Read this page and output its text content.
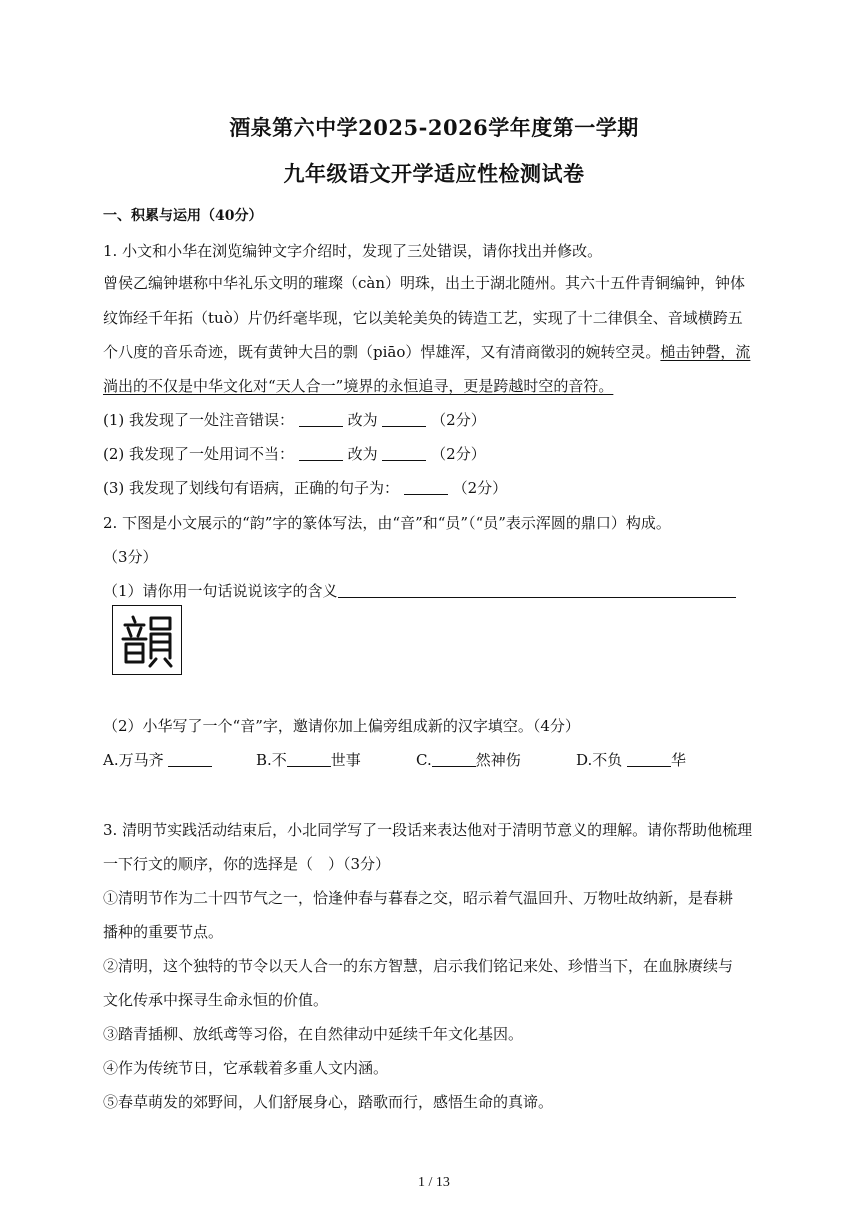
酒泉第六中学2025-2026学年度第一学期
九年级语文开学适应性检测试卷
一、积累与运用（40分）
1. 小文和小华在浏览编钟文字介绍时，发现了三处错误，请你找出并修改。
曾侯乙编钟堪称中华礼乐文明的璀璨（càn）明珠，出土于湖北随州。其六十五件青铜编钟，钟体
纹饰经千年拓（tuò）片仍纤毫毕现，它以美轮美奂的铸造工艺，实现了十二律俱全、音域横跨五
个八度的音乐奇迹，既有黄钟大吕的剽（piāo）悍雄浑，又有清商徵羽的婉转空灵。槌击钟磬，流
淌出的不仅是中华文化对“天人合一”境界的永恒追寻，更是跨越时空的音符。
(1) 我发现了一处注音错误：	改为	（2分）
(2) 我发现了一处用词不当：	改为	（2分）
(3) 我发现了划线句有语病，正确的句子为：	（2分）
2. 下图是小文展示的“韵”字的篆体写法，由“音”和“员”（“员”表示浑圆的鼎口）构成。
（3分）
（1）请你用一句话说说该字的含义
（2）小华写了一个“音”字，邀请你加上偏旁组成新的汉字填空。（4分）
A.万马齐	B.不	世事	C.	然神伤	D.不负	华
3. 清明节实践活动结束后，小北同学写了一段话来表达他对于清明节意义的理解。请你帮助他梳理
一下行文的顺序，你的选择是（　）（3分）
①清明节作为二十四节气之一，恰逢仲春与暮春之交，昭示着气温回升、万物吐故纳新，是春耕
播种的重要节点。
②清明，这个独特的节令以天人合一的东方智慧，启示我们铭记来处、珍惜当下，在血脉赓续与
文化传承中探寻生命永恒的价值。
③踏青插柳、放纸鸢等习俗，在自然律动中延续千年文化基因。
④作为传统节日，它承载着多重人文内涵。
⑤春草萌发的郊野间，人们舒展身心，踏歌而行，感悟生命的真谛。
1 / 13
